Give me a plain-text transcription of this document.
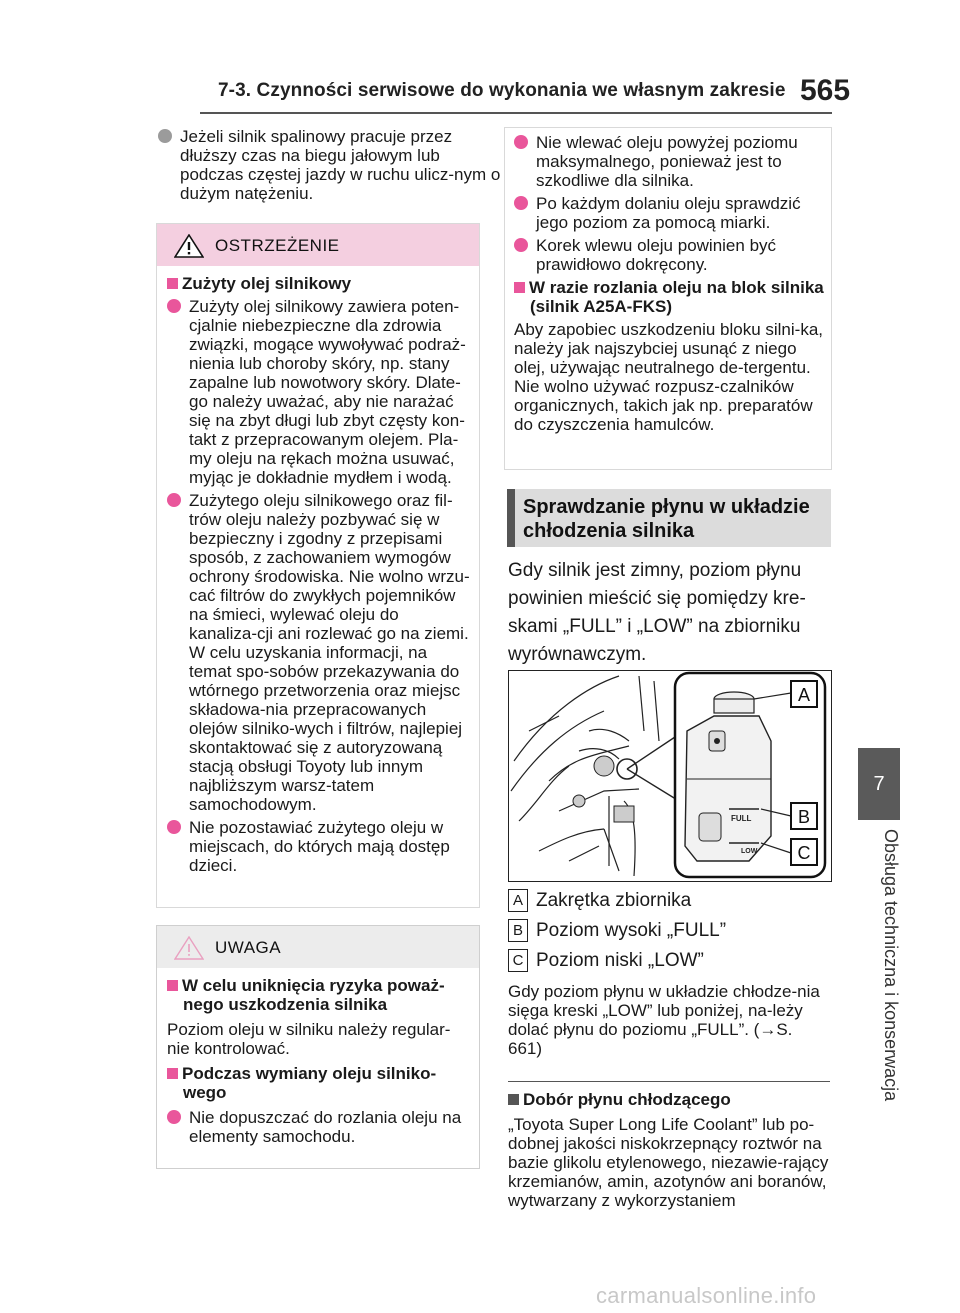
7-3. Czynności serwisowe do wykonania we własnym zakresie 565
7
Obsługa techniczna i konserwacja
Jeżeli silnik spalinowy pracuje przez dłuższy czas na biegu jałowym lub podczas częstej jazdy w ruchu ulicz-nym o dużym natężeniu.
OSTRZEŻENIE
Zużyty olej silnikowy
Zużyty olej silnikowy zawiera poten-cjalnie niebezpieczne dla zdrowia związki, mogące wywoływać podraż-nienia lub choroby skóry, np. stany zapalne lub nowotwory skóry. Dlate-go należy uważać, aby nie narażać się na zbyt długi lub zbyt częsty kon-takt z przepracowanym olejem. Pla-my oleju na rękach można usuwać, myjąc je dokładnie mydłem i wodą.
Zużytego oleju silnikowego oraz fil-trów oleju należy pozbywać się w bezpieczny i zgodny z przepisami sposób, z zachowaniem wymogów ochrony środowiska. Nie wolno wrzu-cać filtrów do zwykłych pojemników na śmieci, wylewać oleju do kanaliza-cji ani rozlewać go na ziemi. W celu uzyskania informacji, na temat spo-sobów przekazywania do wtórnego przetworzenia oraz miejsc składowa-nia przepracowanych olejów silniko-wych i filtrów, najlepiej skontaktować się z autoryzowaną stacją obsługi Toyoty lub innym najbliższym warsz-tatem samochodowym.
Nie pozostawiać zużytego oleju w miejscach, do których mają dostęp dzieci.
UWAGA
W celu uniknięcia ryzyka poważ-nego uszkodzenia silnika
Poziom oleju w silniku należy regular-nie kontrolować.
Podczas wymiany oleju silniko-wego
Nie dopuszczać do rozlania oleju na elementy samochodu.
Nie wlewać oleju powyżej poziomu maksymalnego, ponieważ jest to szkodliwe dla silnika.
Po każdym dolaniu oleju sprawdzić jego poziom za pomocą miarki.
Korek wlewu oleju powinien być prawidłowo dokręcony.
W razie rozlania oleju na blok silnika (silnik A25A-FKS)
Aby zapobiec uszkodzeniu bloku silni-ka, należy jak najszybciej usunąć z niego olej, używając neutralnego de-tergentu. Nie wolno używać rozpusz-czalników organicznych, takich jak np. preparatów do czyszczenia hamulców.
Sprawdzanie płynu w układzie chłodzenia silnika
Gdy silnik jest zimny, poziom płynu powinien mieścić się pomiędzy kre-skami „FULL” i „LOW” na zbiorniku wyrównawczym.
FULL
LOW
A
B
C
A Zakrętka zbiornika
B Poziom wysoki „FULL”
C Poziom niski „LOW”
Gdy poziom płynu w układzie chłodze-nia sięga kreski „LOW” lub poniżej, na-leży dolać płynu do poziomu „FULL”. (→S. 661)
Dobór płynu chłodzącego
„Toyota Super Long Life Coolant” lub po-dobnej jakości niskokrzepnący roztwór na bazie glikolu etylenowego, niezawie-rający krzemianów, amin, azotynów ani boranów, wytwarzany z wykorzystaniem
carmanualsonline.info
